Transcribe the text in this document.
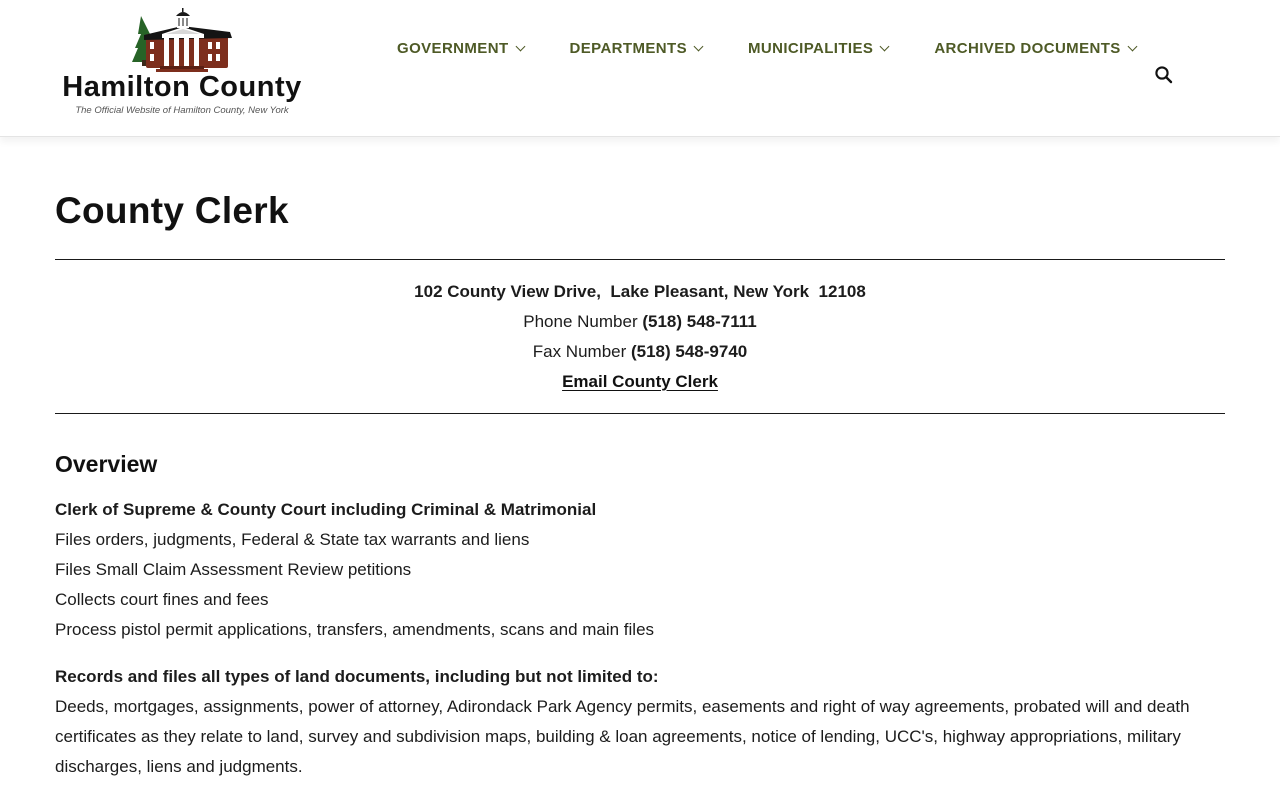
Hamilton County
The Official Website of Hamilton County, New York
GOVERNMENT	DEPARTMENTS	MUNICIPALITIES	ARCHIVED DOCUMENTS
County Clerk
102 County View Drive,  Lake Pleasant, New York  12108
Phone Number (518) 548-7111
Fax Number (518) 548-9740
Email County Clerk
Overview
Clerk of Supreme & County Court including Criminal & Matrimonial
Files orders, judgments, Federal & State tax warrants and liens
Files Small Claim Assessment Review petitions
Collects court fines and fees
Process pistol permit applications, transfers, amendments, scans and main files
Records and files all types of land documents, including but not limited to:
Deeds, mortgages, assignments, power of attorney, Adirondack Park Agency permits, easements and right of way agreements, probated will and death certificates as they relate to land, survey and subdivision maps, building & loan agreements, notice of lending, UCC's, highway appropriations, military discharges, liens and judgments.
